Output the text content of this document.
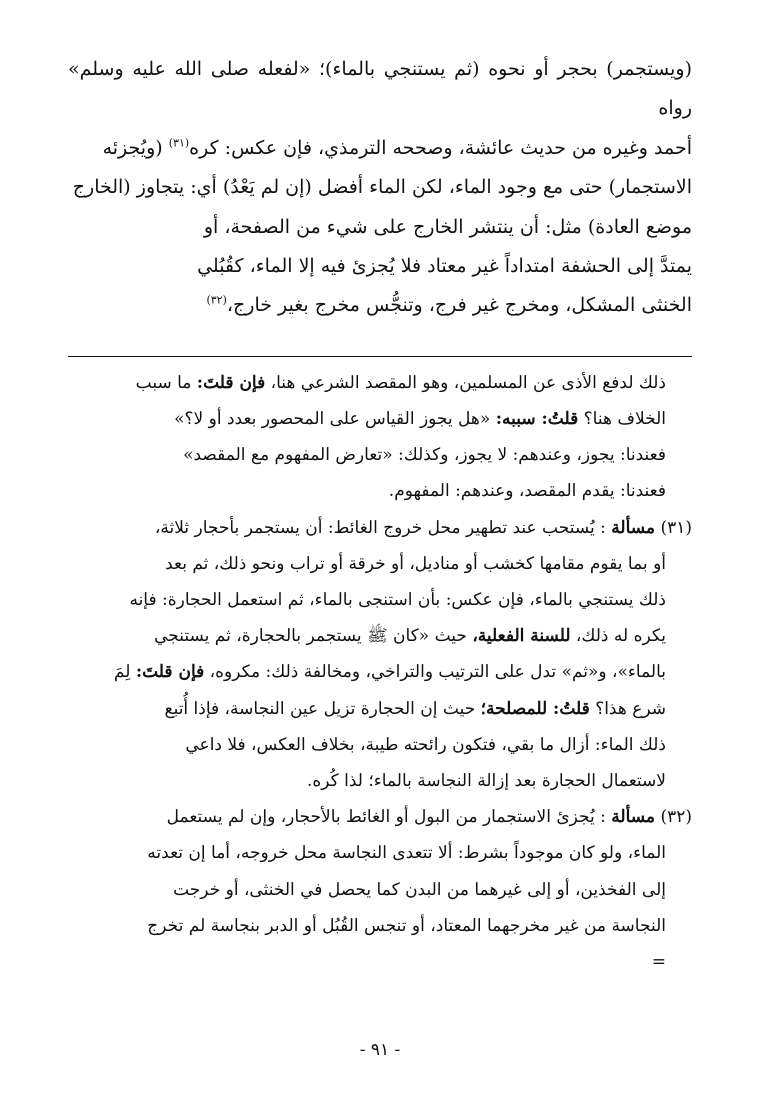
(ويستجمر) بحجر أو نحوه (ثم يستنجي بالماء)؛ «لفعله صلى الله عليه وسلم» رواه
أحمد وغيره من حديث عائشة، وصححه الترمذي، فإن عكس: كره$^{(٣١)}$ (ويُجزئه
الاستجمار) حتى مع وجود الماء، لكن الماء أفضل (إن لم يَعْدُ) أي: يتجاوز (الخارج
موضع العادة) مثل: أن ينتشر الخارج على شيء من الصفحة، أو
يمتدَّ إلى الحشفة امتداداً غير معتاد فلا يُجزئ فيه إلا الماء، كقُبُلي
الخنثى المشكل، ومخرج غير فرج، وتنجُّس مخرج بغير خارج،$^{(٣٢)}$
ذلك لدفع الأذى عن المسلمين، وهو المقصد الشرعي هنا، فإن قلتَ: ما سبب
الخلاف هنا؟ قلتُ: سببه: «هل يجوز القياس على المحصور بعدد أو لا؟»
فعندنا: يجوز، وعندهم: لا يجوز، وكذلك: «تعارض المفهوم مع المقصد»
فعندنا: يقدم المقصد، وعندهم: المفهوم.
(٣١) مسألة : يُستحب عند تطهير محل خروج الغائط: أن يستجمر بأحجار ثلاثة،
أو بما يقوم مقامها كخشب أو مناديل، أو خرقة أو تراب ونحو ذلك، ثم بعد
ذلك يستنجي بالماء، فإن عكس: بأن استنجى بالماء، ثم استعمل الحجارة: فإنه
يكره له ذلك، للسنة الفعلية، حيث «كان ﷺ يستجمر بالحجارة، ثم يستنجي
بالماء»، و«ثم» تدل على الترتيب والتراخي، ومخالفة ذلك: مكروه، فإن قلتَ: لِمَ
شرع هذا؟ قلتُ: للمصلحة؛ حيث إن الحجارة تزيل عين النجاسة، فإذا أُتبع
ذلك الماء: أزال ما بقي، فتكون رائحته طيبة، بخلاف العكس، فلا داعي
لاستعمال الحجارة بعد إزالة النجاسة بالماء؛ لذا كُره.
(٣٢) مسألة : يُجزئ الاستجمار من البول أو الغائط بالأحجار، وإن لم يستعمل
الماء، ولو كان موجوداً بشرط: ألا تتعدى النجاسة محل خروجه، أما إن تعدته
إلى الفخذين، أو إلى غيرهما من البدن كما يحصل في الخنثى، أو خرجت
النجاسة من غير مخرجهما المعتاد، أو تنجس القُبُل أو الدبر بنجاسة لم تخرج
=
- ٩١ -
